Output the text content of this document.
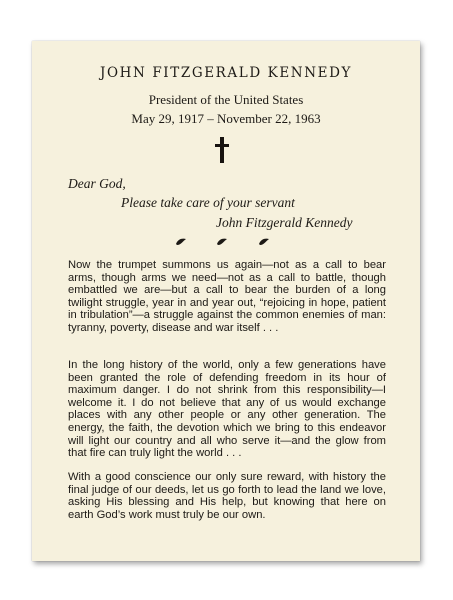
JOHN FITZGERALD KENNEDY
President of the United States
May 29, 1917 – November 22, 1963
Dear God,
Please take care of your servant
John Fitzgerald Kennedy

Now the trumpet summons us again—not as a call to bear arms, though arms we need—not as a call to battle, though embattled we are—but a call to bear the burden of a long twilight struggle, year in and year out, “rejoicing in hope, patient in tribulation”—a struggle against the common enemies of man: tyranny, poverty, disease and war itself . . .

In the long history of the world, only a few generations have been granted the role of defending freedom in its hour of maximum danger. I do not shrink from this responsibility—I welcome it. I do not believe that any of us would exchange places with any other people or any other generation. The energy, the faith, the devotion which we bring to this endeavor will light our country and all who serve it—and the glow from that fire can truly light the world . . .

With a good conscience our only sure reward, with history the final judge of our deeds, let us go forth to lead the land we love, asking His blessing and His help, but knowing that here on earth God’s work must truly be our own.
